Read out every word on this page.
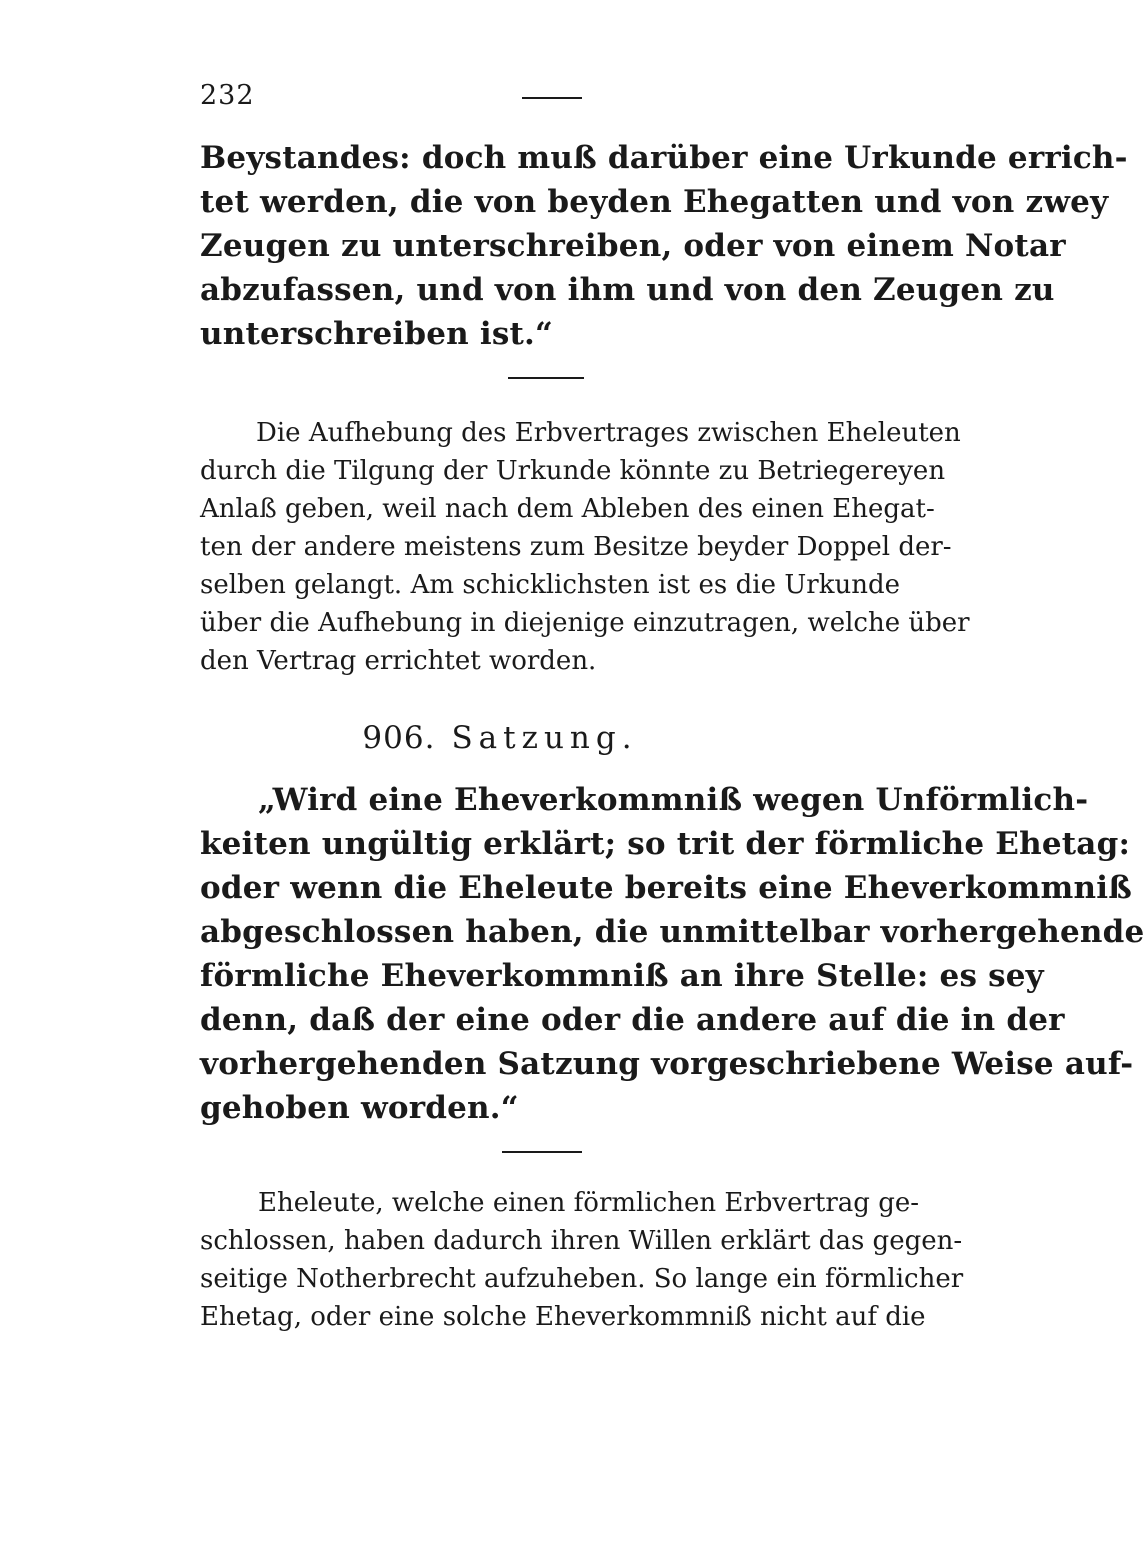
232
Beystandes: doch muß darüber eine Urkunde errich-
tet werden, die von beyden Ehegatten und von zwey
Zeugen zu unterschreiben, oder von einem Notar
abzufassen, und von ihm und von den Zeugen zu
unterschreiben ist.“
Die Aufhebung des Erbvertrages zwischen Eheleuten
durch die Tilgung der Urkunde könnte zu Betriegereyen
Anlaß geben, weil nach dem Ableben des einen Ehegat-
ten der andere meistens zum Besitze beyder Doppel der-
selben gelangt. Am schicklichsten ist es die Urkunde
über die Aufhebung in diejenige einzutragen, welche über
den Vertrag errichtet worden.
906. Satzung.
„Wird eine Eheverkommniß wegen Unförmlich-
keiten ungültig erklärt; so trit der förmliche Ehetag:
oder wenn die Eheleute bereits eine Eheverkommniß
abgeschlossen haben, die unmittelbar vorhergehende
förmliche Eheverkommniß an ihre Stelle: es sey
denn, daß der eine oder die andere auf die in der
vorhergehenden Satzung vorgeschriebene Weise auf-
gehoben worden.“
Eheleute, welche einen förmlichen Erbvertrag ge-
schlossen, haben dadurch ihren Willen erklärt das gegen-
seitige Notherbrecht aufzuheben. So lange ein förmlicher
Ehetag, oder eine solche Eheverkommniß nicht auf die
